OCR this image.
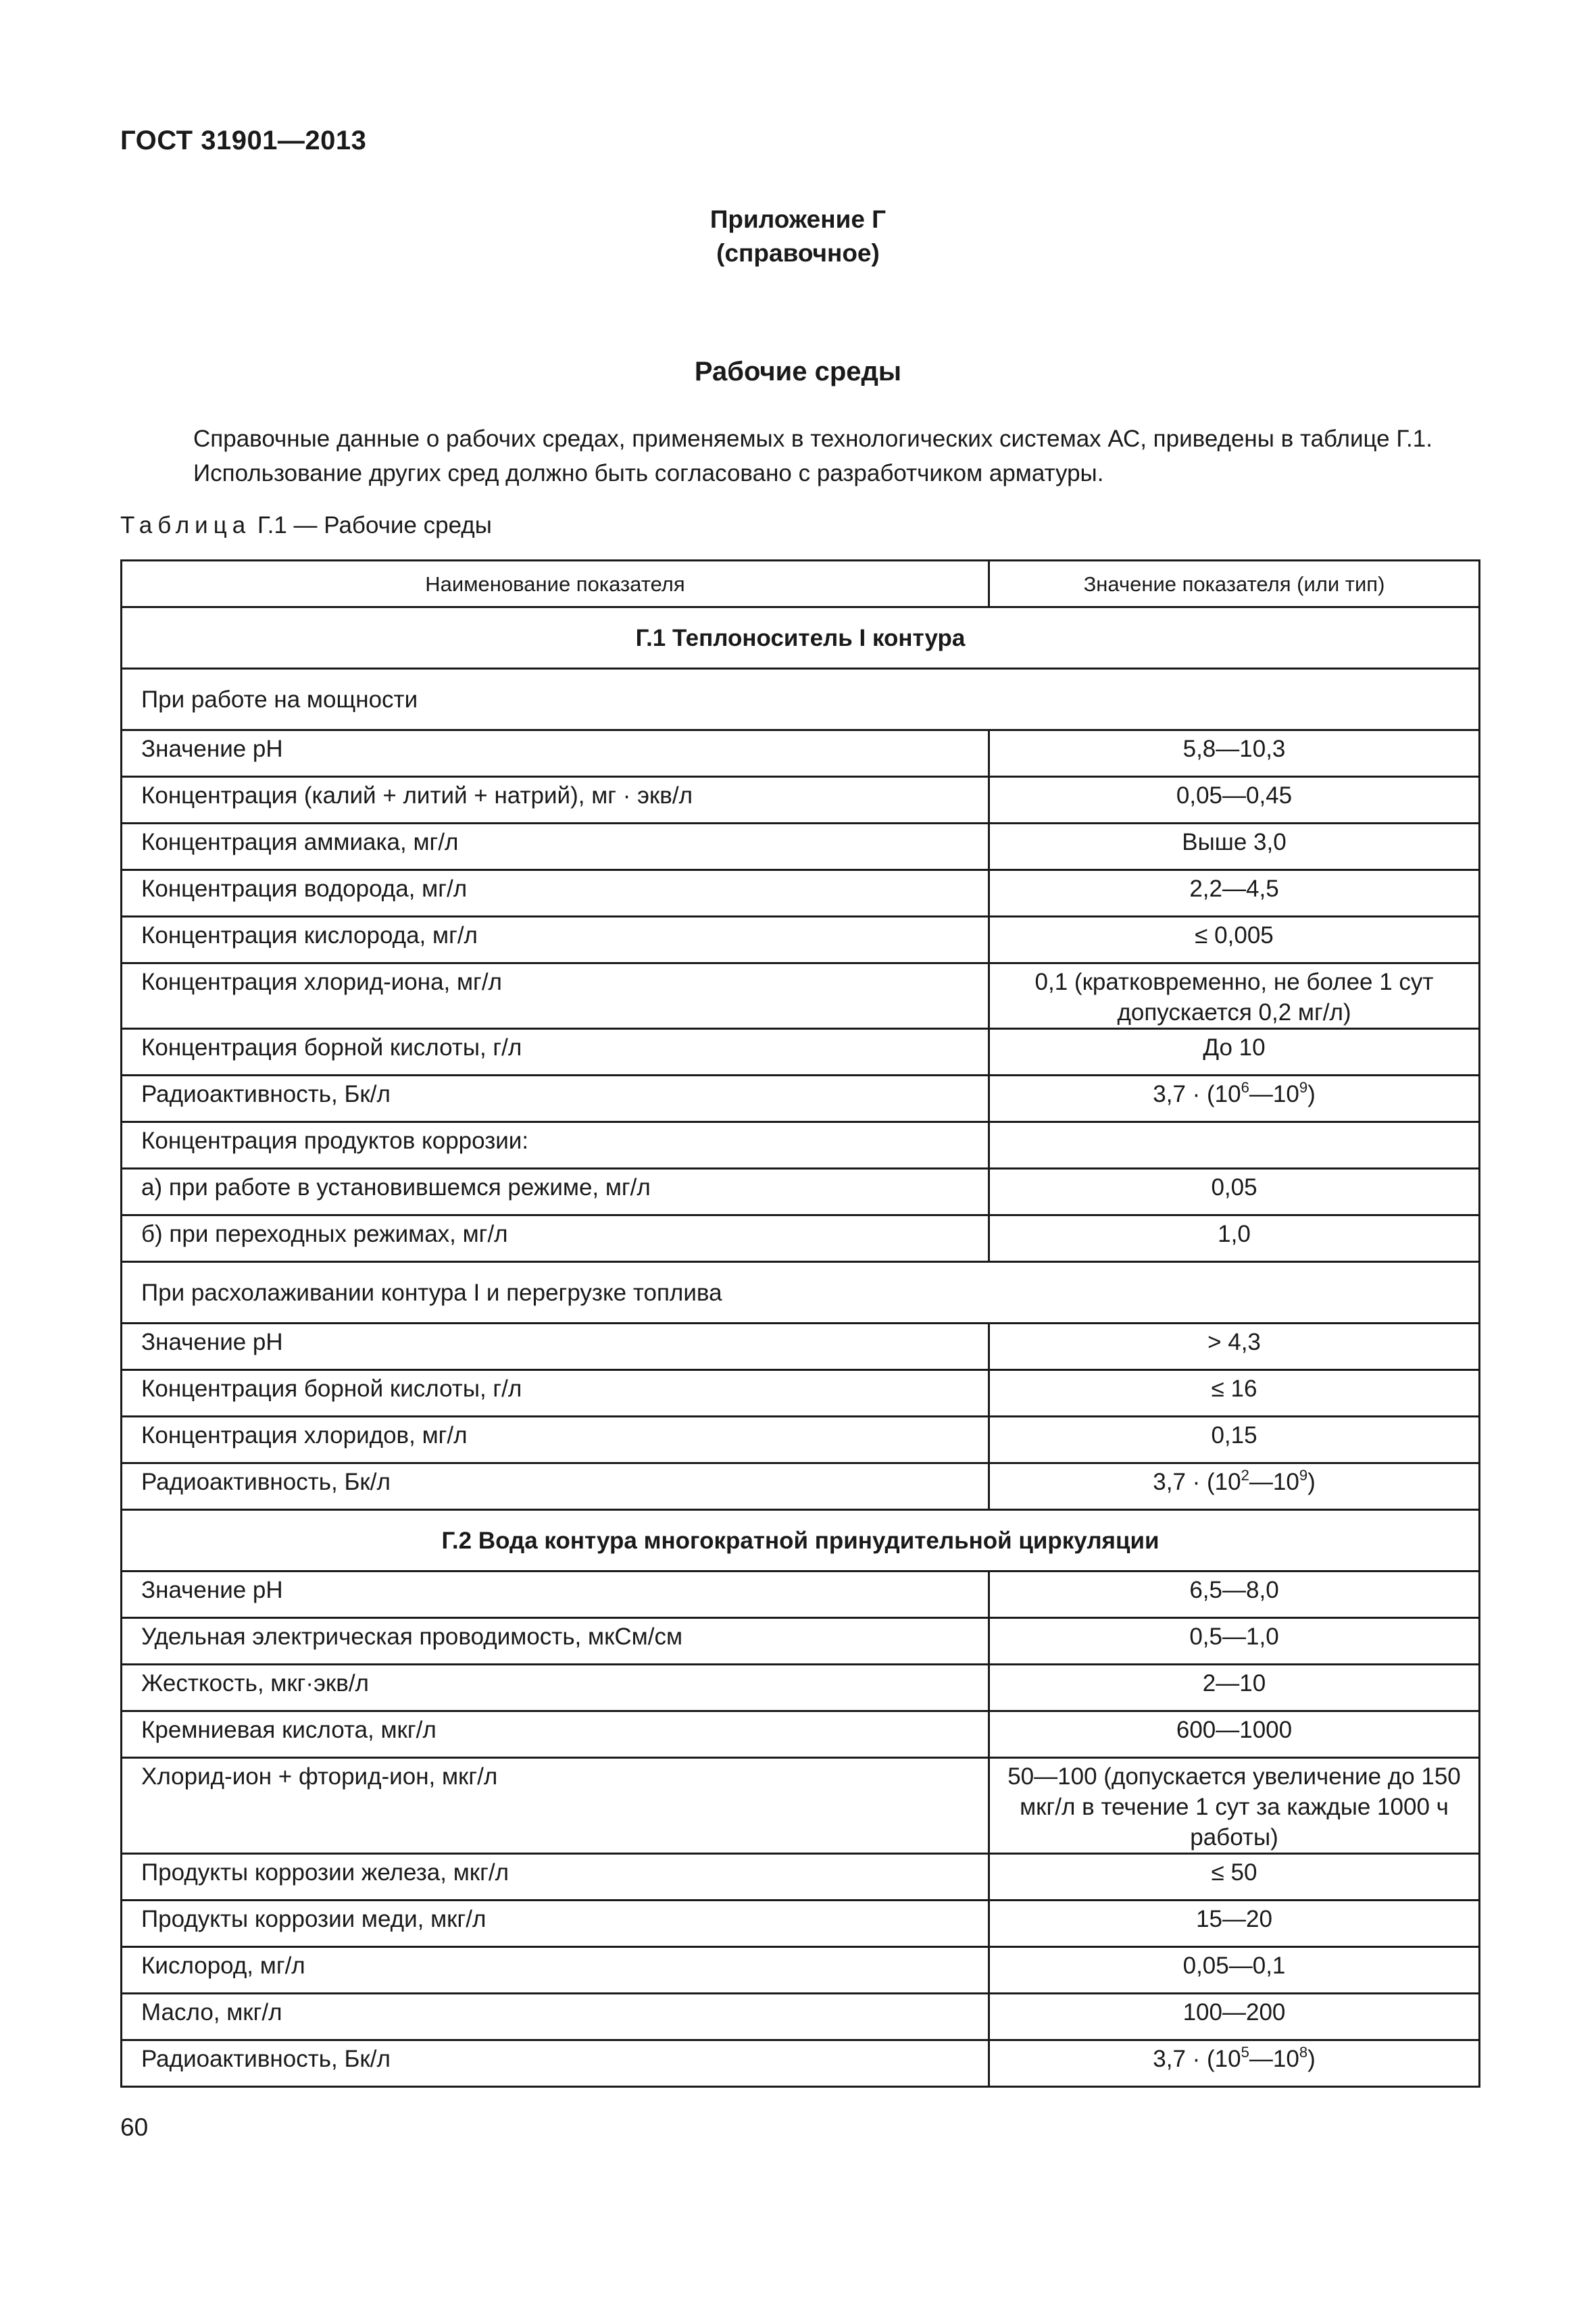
ГОСТ 31901—2013
Приложение Г
(справочное)
Рабочие среды

Справочные данные о рабочих средах, применяемых в технологических системах АС, приведены в таблице Г.1.

Использование других сред должно быть согласовано с разработчиком арматуры.

Таблица Г.1 — Рабочие среды
Наименование показателя	Значение показателя (или тип)
Г.1 Теплоноситель I контура	
При работе на мощности	
Значение pH	5,8—10,3
Концентрация (калий + литий + натрий), мг · экв/л	0,05—0,45
Концентрация аммиака, мг/л	Выше 3,0
Концентрация водорода, мг/л	2,2—4,5
Концентрация кислорода, мг/л	≤ 0,005
Концентрация хлорид-иона, мг/л	0,1 (кратковременно, не более 1 сут допускается 0,2 мг/л)
Концентрация борной кислоты, г/л	До 10
Радиоактивность, Бк/л	$3,7 \cdot (10^6—10^9)$
Концентрация продуктов коррозии:	
а) при работе в установившемся режиме, мг/л	0,05
б) при переходных режимах, мг/л	1,0
При расхолаживании контура I и перегрузке топлива	
Значение pH	> 4,3
Концентрация борной кислоты, г/л	≤ 16
Концентрация хлоридов, мг/л	0,15
Радиоактивность, Бк/л	$3,7 \cdot (10^2—10^9)$
Г.2 Вода контура многократной принудительной циркуляции	
Значение pH	6,5—8,0
Удельная электрическая проводимость, мкСм/см	0,5—1,0
Жесткость, мкг·экв/л	2—10
Кремниевая кислота, мкг/л	600—1000
Хлорид-ион + фторид-ион, мкг/л	50—100 (допускается увеличение до 150 мкг/л в течение 1 сут за каждые 1000 ч работы)
Продукты коррозии железа, мкг/л	≤ 50
Продукты коррозии меди, мкг/л	15—20
Кислород, мг/л	0,05—0,1
Масло, мкг/л	100—200
Радиоактивность, Бк/л	$3,7 \cdot (10^5—10^8)$
60
